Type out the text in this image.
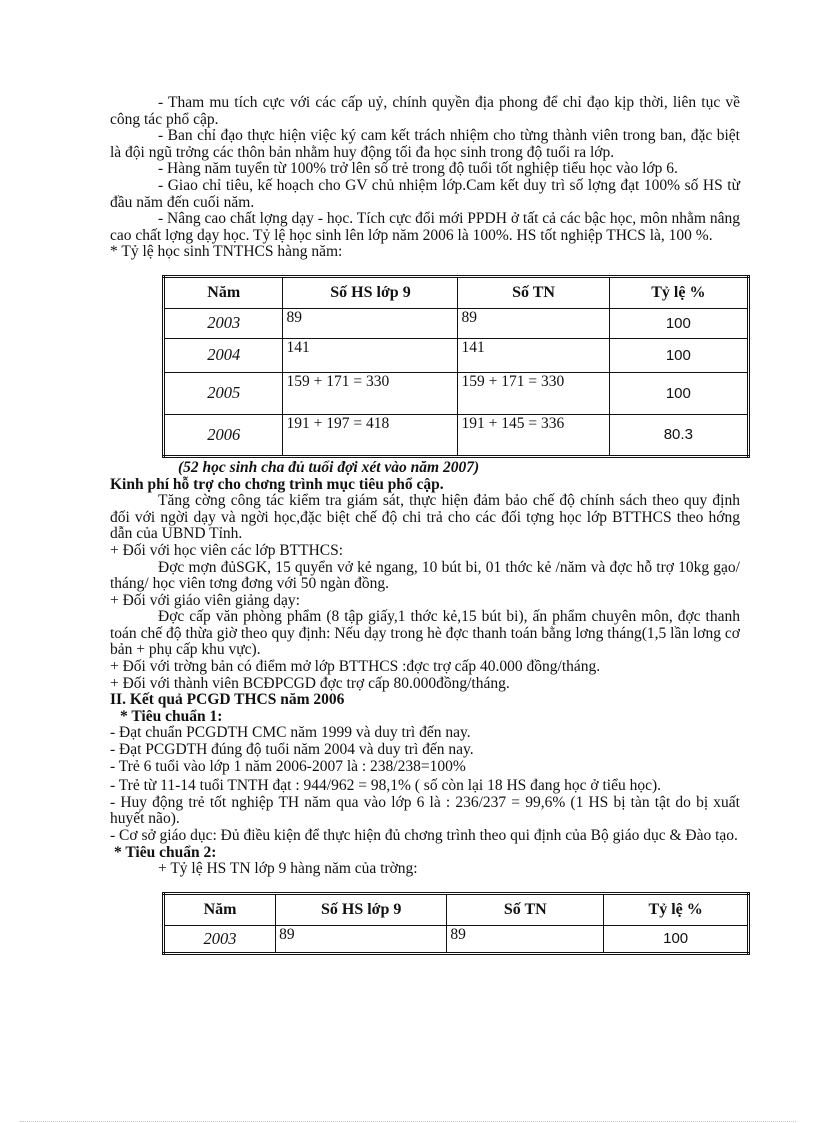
- Tham mu tích cực với các cấp uỷ, chính quyền địa phong để chỉ đạo kịp thời, liên tục về công tác phổ cập.

- Ban chỉ đạo thực hiện việc ký cam kết trách nhiệm cho từng thành viên trong ban, đặc biệt là đội ngũ trởng các thôn bản nhằm huy động tối đa học sinh trong độ tuổi ra lớp.

- Hàng năm tuyển từ 100% trở lên số trẻ trong độ tuổi tốt nghiệp tiểu học vào lớp 6.

- Giao chỉ tiêu, kế hoạch cho GV chủ nhiệm lớp.Cam kết duy trì số lợng đạt 100% số HS từ đầu năm đến cuối năm.

- Nâng cao chất lợng dạy - học. Tích cực đổi mới PPDH ở tất cả các bậc học, môn nhằm nâng cao chất lợng dạy học. Tỷ lệ học sinh lên lớp năm 2006 là 100%. HS tốt nghiệp THCS là, 100 %.

* Tỷ lệ học sinh TNTHCS hàng năm:

Năm	Số HS lớp 9	Số TN	Tỷ lệ %
2003	89	89	100
2004	141	141	100
2005	159 + 171 = 330	159 + 171 = 330	100
2006	191 + 197 = 418	191 + 145 = 336	80.3

(52 học sinh cha đủ tuổi đợi xét vào năm 2007)

Kinh phí hỗ trợ cho chơng trình mục tiêu phổ cập.

Tăng cờng công tác kiểm tra giám sát, thực hiện đảm bảo chế độ chính sách theo quy định đối với ngời dạy và ngời học,đặc biệt chế độ chi trả cho các đối tợng học lớp BTTHCS theo hớng dẫn của UBND Tỉnh.

+ Đối với học viên các lớp BTTHCS:

Đợc mợn đủSGK, 15 quyển vở kẻ ngang, 10 bút bi, 01 thớc kẻ /năm và đợc hỗ trợ 10kg gạo/ tháng/ học viên tơng đơng với 50 ngàn đồng.

+ Đối với giáo viên giảng dạy:

Đợc cấp văn phòng phẩm (8 tập giấy,1 thớc kẻ,15 bút bi), ấn phẩm chuyên môn, đợc thanh toán chế độ thừa giờ theo quy định: Nếu dạy trong hè đợc thanh toán bằng lơng tháng(1,5 lần lơng cơ bản + phụ cấp khu vực).

+ Đối với trờng bản có điểm mở lớp BTTHCS :đợc trợ cấp 40.000 đồng/tháng.

+ Đối với thành viên BCĐPCGD đợc trợ cấp 80.000đồng/tháng.

II. Kết quả PCGD THCS năm 2006

* Tiêu chuẩn 1:

- Đạt chuẩn PCGDTH CMC năm 1999 và duy trì đến nay.

- Đạt PCGDTH đúng độ tuổi năm 2004 và duy trì đến nay.

- Trẻ 6 tuổi vào lớp 1 năm 2006-2007 là : 238/238=100%

- Trẻ từ 11-14 tuổi TNTH đạt : 944/962 = 98,1% ( số còn lại 18 HS đang học ở tiểu học).

- Huy động trẻ tốt nghiệp TH năm qua vào lớp 6 là : 236/237 = 99,6% (1 HS bị tàn tật do bị xuất huyết não).

- Cơ sở giáo dục: Đủ điều kiện để thực hiện đủ chơng trình theo qui định của Bộ giáo dục & Đào tạo.

* Tiêu chuẩn 2:

+ Tỷ lệ HS TN lớp 9 hàng năm của trờng:

Năm	Số HS lớp 9	Số TN	Tỷ lệ %
2003	89	89	100
